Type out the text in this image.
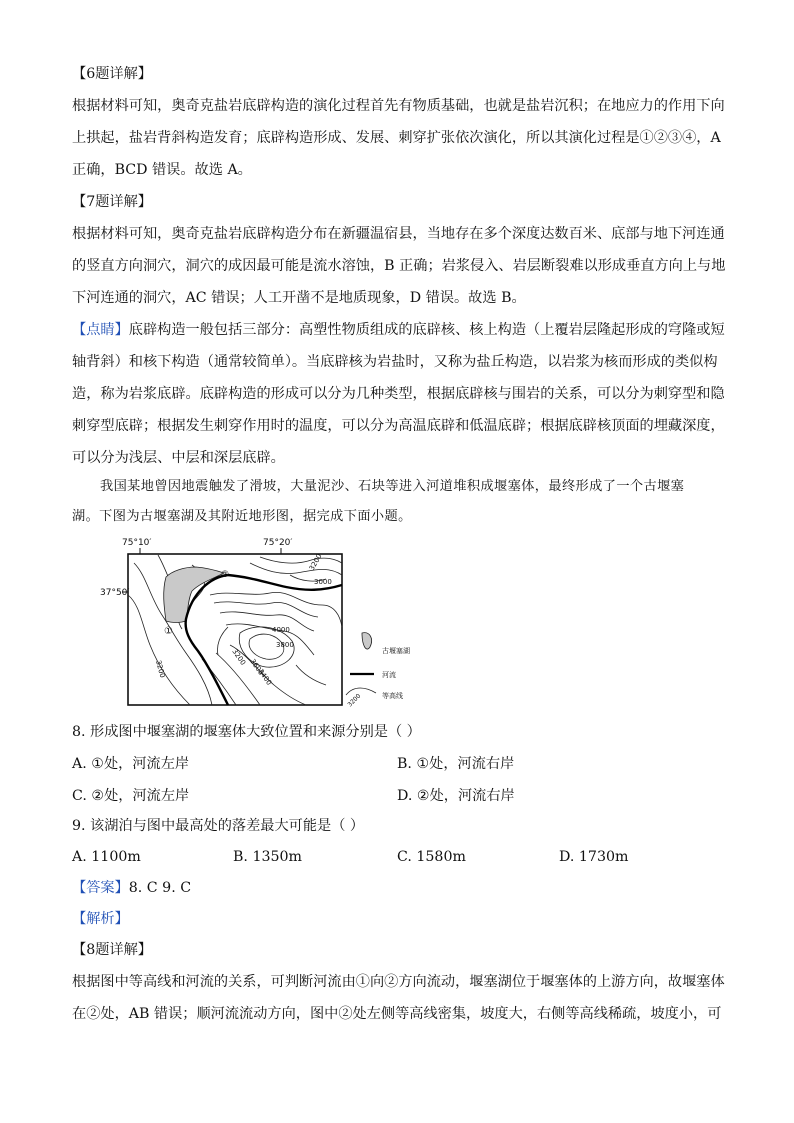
【6题详解】
根据材料可知，奥奇克盐岩底辟构造的演化过程首先有物质基础，也就是盐岩沉积；在地应力的作用下向
上拱起，盐岩背斜构造发育；底辟构造形成、发展、刺穿扩张依次演化，所以其演化过程是①②③④，A
正确，BCD 错误。故选 A。
【7题详解】
根据材料可知，奥奇克盐岩底辟构造分布在新疆温宿县，当地存在多个深度达数百米、底部与地下河连通
的竖直方向洞穴，洞穴的成因最可能是流水溶蚀，B 正确；岩浆侵入、岩层断裂难以形成垂直方向上与地
下河连通的洞穴，AC 错误；人工开凿不是地质现象，D 错误。故选 B。
【点睛】底辟构造一般包括三部分：高塑性物质组成的底辟核、核上构造（上覆岩层隆起形成的穹隆或短
轴背斜）和核下构造（通常较简单）。当底辟核为岩盐时，又称为盐丘构造，以岩浆为核而形成的类似构
造，称为岩浆底辟。底辟构造的形成可以分为几种类型，根据底辟核与围岩的关系，可以分为刺穿型和隐
刺穿型底辟；根据发生刺穿作用时的温度，可以分为高温底辟和低温底辟；根据底辟核顶面的埋藏深度，
可以分为浅层、中层和深层底辟。
我国某地曾因地震触发了滑坡，大量泥沙、石块等进入河道堆积成堰塞体，最终形成了一个古堰塞
湖。下图为古堰塞湖及其附近地形图，据完成下面小题。
75°10′	75°20′
37°50′
3200
3000
4000
3800
3600
3400
3200
3200
①
②
古堰塞湖
河流
3200	等高线
8. 形成图中堰塞湖的堰塞体大致位置和来源分别是（ ）
A. ①处，河流左岸	B. ①处，河流右岸
C. ②处，河流左岸	D. ②处，河流右岸
9. 该湖泊与图中最高处的落差最大可能是（ ）
A. 1100m	B. 1350m	C. 1580m	D. 1730m
【答案】8. C 9. C
【解析】
【8题详解】
根据图中等高线和河流的关系，可判断河流由①向②方向流动，堰塞湖位于堰塞体的上游方向，故堰塞体
在②处，AB 错误；顺河流流动方向，图中②处左侧等高线密集，坡度大，右侧等高线稀疏，坡度小，可
